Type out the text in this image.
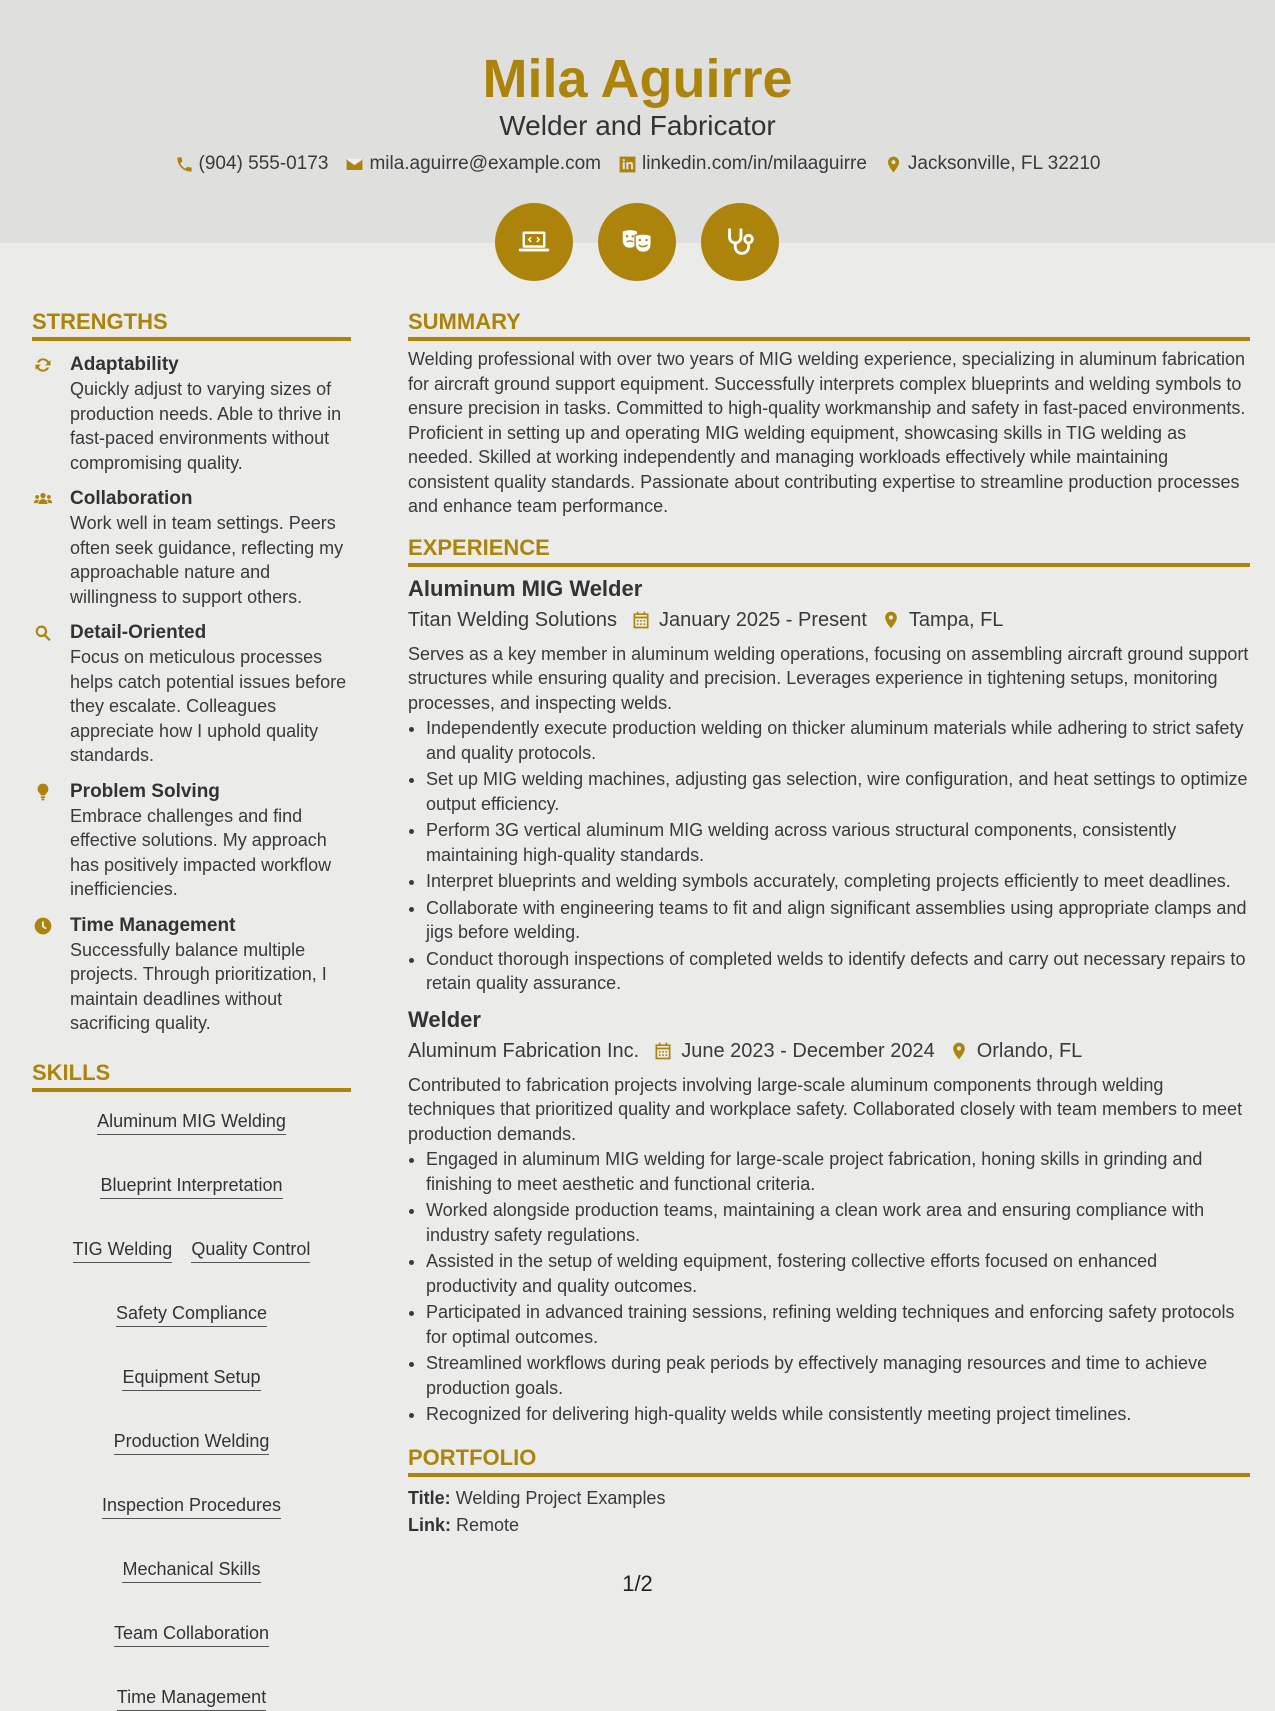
Mila Aguirre
Welder and Fabricator
(904) 555-0173 mila.aguirre@example.com linkedin.com/in/milaaguirre Jacksonville, FL 32210
STRENGTHS
Adaptability
Quickly adjust to varying sizes of production needs. Able to thrive in fast-paced environments without compromising quality.
Collaboration
Work well in team settings. Peers often seek guidance, reflecting my approachable nature and willingness to support others.
Detail-Oriented
Focus on meticulous processes helps catch potential issues before they escalate. Colleagues appreciate how I uphold quality standards.
Problem Solving
Embrace challenges and find effective solutions. My approach has positively impacted workflow inefficiencies.
Time Management
Successfully balance multiple projects. Through prioritization, I maintain deadlines without sacrificing quality.
SKILLS
Aluminum MIG Welding
Blueprint Interpretation
TIG Welding Quality Control
Safety Compliance
Equipment Setup
Production Welding
Inspection Procedures
Mechanical Skills
Team Collaboration
Time Management
SUMMARY
Welding professional with over two years of MIG welding experience, specializing in aluminum fabrication for aircraft ground support equipment. Successfully interprets complex blueprints and welding symbols to ensure precision in tasks. Committed to high-quality workmanship and safety in fast-paced environments. Proficient in setting up and operating MIG welding equipment, showcasing skills in TIG welding as needed. Skilled at working independently and managing workloads effectively while maintaining consistent quality standards. Passionate about contributing expertise to streamline production processes and enhance team performance.
EXPERIENCE
Aluminum MIG Welder
Titan Welding Solutions January 2025 - Present Tampa, FL
Serves as a key member in aluminum welding operations, focusing on assembling aircraft ground support structures while ensuring quality and precision. Leverages experience in tightening setups, monitoring processes, and inspecting welds.
• Independently execute production welding on thicker aluminum materials while adhering to strict safety and quality protocols.
• Set up MIG welding machines, adjusting gas selection, wire configuration, and heat settings to optimize output efficiency.
• Perform 3G vertical aluminum MIG welding across various structural components, consistently maintaining high-quality standards.
• Interpret blueprints and welding symbols accurately, completing projects efficiently to meet deadlines.
• Collaborate with engineering teams to fit and align significant assemblies using appropriate clamps and jigs before welding.
• Conduct thorough inspections of completed welds to identify defects and carry out necessary repairs to retain quality assurance.
Welder
Aluminum Fabrication Inc. June 2023 - December 2024 Orlando, FL
Contributed to fabrication projects involving large-scale aluminum components through welding techniques that prioritized quality and workplace safety. Collaborated closely with team members to meet production demands.
• Engaged in aluminum MIG welding for large-scale project fabrication, honing skills in grinding and finishing to meet aesthetic and functional criteria.
• Worked alongside production teams, maintaining a clean work area and ensuring compliance with industry safety regulations.
• Assisted in the setup of welding equipment, fostering collective efforts focused on enhanced productivity and quality outcomes.
• Participated in advanced training sessions, refining welding techniques and enforcing safety protocols for optimal outcomes.
• Streamlined workflows during peak periods by effectively managing resources and time to achieve production goals.
• Recognized for delivering high-quality welds while consistently meeting project timelines.
PORTFOLIO
Title: Welding Project Examples
Link: Remote
1/2
